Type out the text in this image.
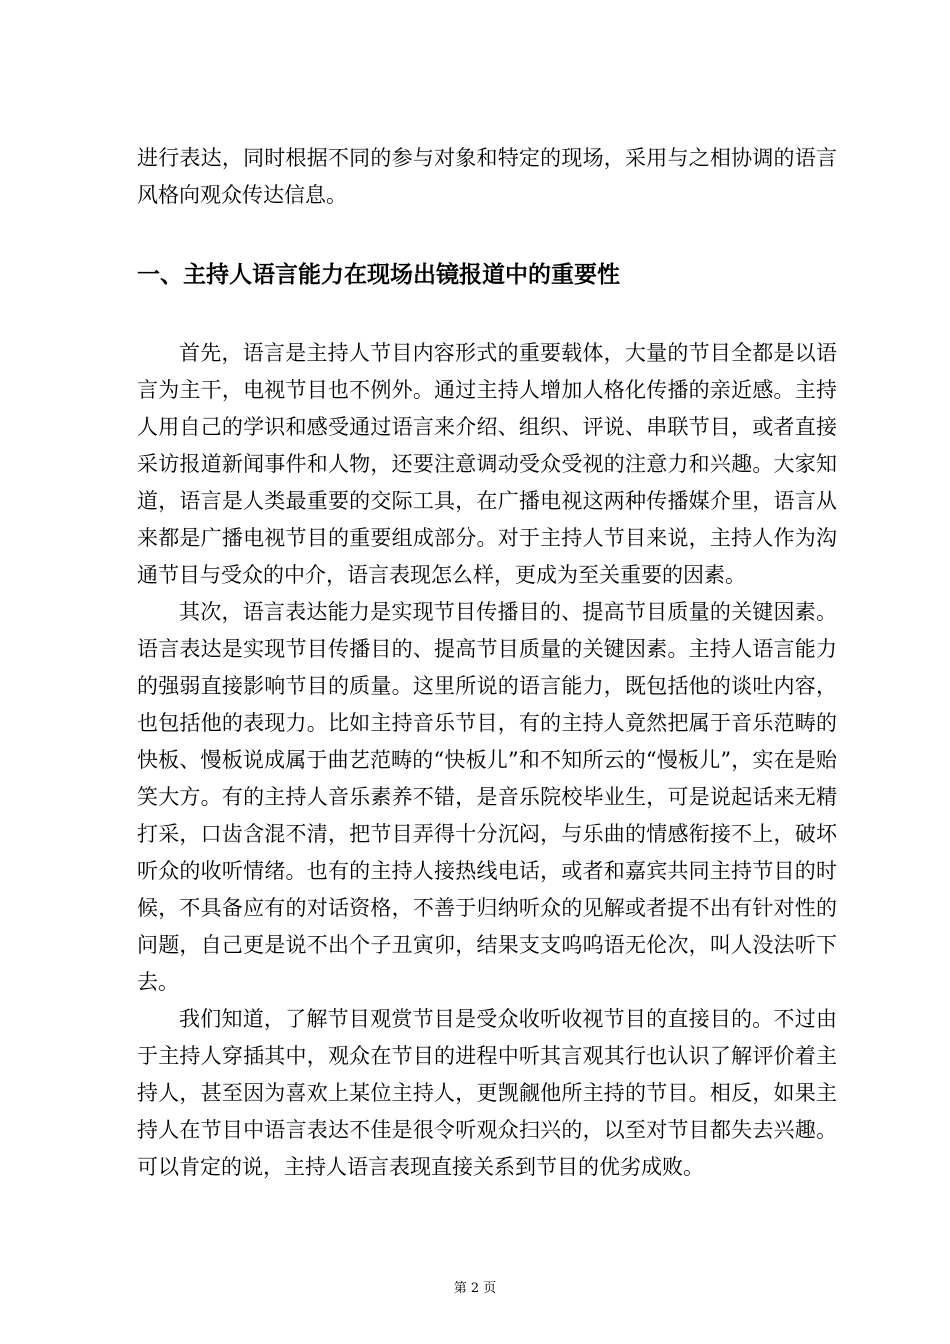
进行表达，同时根据不同的参与对象和特定的现场，采用与之相协调的语言风格向观众传达信息。

一、主持人语言能力在现场出镜报道中的重要性

首先，语言是主持人节目内容形式的重要载体，大量的节目全都是以语言为主干，电视节目也不例外。通过主持人增加人格化传播的亲近感。主持人用自己的学识和感受通过语言来介绍、组织、评说、串联节目，或者直接采访报道新闻事件和人物，还要注意调动受众受视的注意力和兴趣。大家知道，语言是人类最重要的交际工具，在广播电视这两种传播媒介里，语言从来都是广播电视节目的重要组成部分。对于主持人节目来说，主持人作为沟通节目与受众的中介，语言表现怎么样，更成为至关重要的因素。

其次，语言表达能力是实现节目传播目的、提高节目质量的关键因素。语言表达是实现节目传播目的、提高节目质量的关键因素。主持人语言能力的强弱直接影响节目的质量。这里所说的语言能力，既包括他的谈吐内容，也包括他的表现力。比如主持音乐节目，有的主持人竟然把属于音乐范畴的快板、慢板说成属于曲艺范畴的“快板儿”和不知所云的“慢板儿”，实在是贻笑大方。有的主持人音乐素养不错，是音乐院校毕业生，可是说起话来无精打采，口齿含混不清，把节目弄得十分沉闷，与乐曲的情感衔接不上，破坏听众的收听情绪。也有的主持人接热线电话，或者和嘉宾共同主持节目的时候，不具备应有的对话资格，不善于归纳听众的见解或者提不出有针对性的问题，自己更是说不出个子丑寅卯，结果支支呜呜语无伦次，叫人没法听下去。

我们知道，了解节目观赏节目是受众收听收视节目的直接目的。不过由于主持人穿插其中，观众在节目的进程中听其言观其行也认识了解评价着主持人，甚至因为喜欢上某位主持人，更觊觎他所主持的节目。相反，如果主持人在节目中语言表达不佳是很令听观众扫兴的，以至对节目都失去兴趣。可以肯定的说，主持人语言表现直接关系到节目的优劣成败。

第 2 页
